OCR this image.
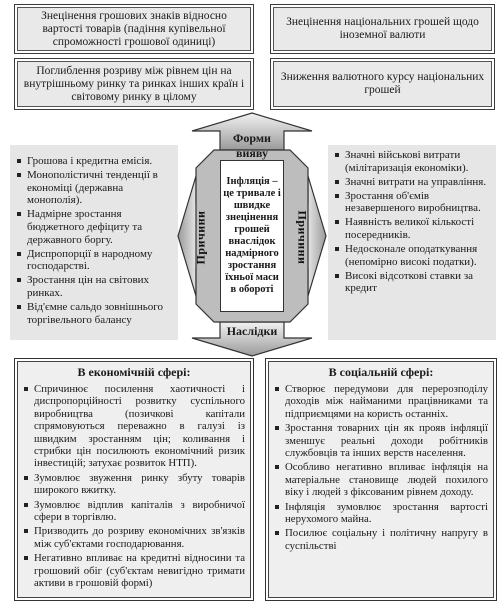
Знецінення грошових знаків відносно вартості товарів (падіння купівельної спроможності грошової одиниці)
Знецінення національних грошей щодо іноземної валюти
Поглиблення розриву між рівнем цін на внутрішньому ринку та ринках інших країн і світовому ринку в цілому
Зниження валютного курсу національних грошей
Грошова і кредитна емісія.
Монополістичні тенденції в економіці (державна монополія).
Надмірне зростання бюджетного дефіциту та державного боргу.
Диспропорції в народному господарстві.
Зростання цін на світових ринках.
Від'ємне сальдо зовнішнього торгівельного балансу
Значні військові витрати (мілітаризація економіки).
Значні витрати на управління.
Зростання об'ємів незавершеного виробництва.
Наявність великої кількості посередників.
Недосконале оподаткування (непомірно високі податки).
Високі відсоткові ставки за кредит
Форми вияву
Наслідки
Причини	Причини
Інфляція – це тривале і швидке знецінення грошей внаслідок надмірного зростання їхньої маси в обороті
В економічній сфері:
Спричинює посилення хаотичності і диспропорційності розвитку суспільного виробництва (позичкові капітали спрямовуються переважно в галузі із швидким зростанням цін; коливання і стрибки цін посилюють економічний ризик інвестицій; затухає розвиток НТП).
Зумовлює звуження ринку збуту товарів широкого вжитку.
Зумовлює відплив капіталів з виробничої сфери в торгівлю.
Призводить до розриву економічних зв'язків між суб'єктами господарювання.
Негативно впливає на кредитні відносини та грошовий обіг (суб'єктам невигідно тримати активи в грошовій формі)
В соціальній сфері:
Створює передумови для перерозподілу доходів між найманими працівниками та підприємцями на користь останніх.
Зростання товарних цін як прояв інфляції зменшує реальні доходи робітників службовців та інших верств населення.
Особливо негативно впливає інфляція на матеріальне становище людей похилого віку і людей з фіксованим рівнем доходу.
Інфляція зумовлює зростання вартості нерухомого майна.
Посилює соціальну і політичну напругу в суспільстві
